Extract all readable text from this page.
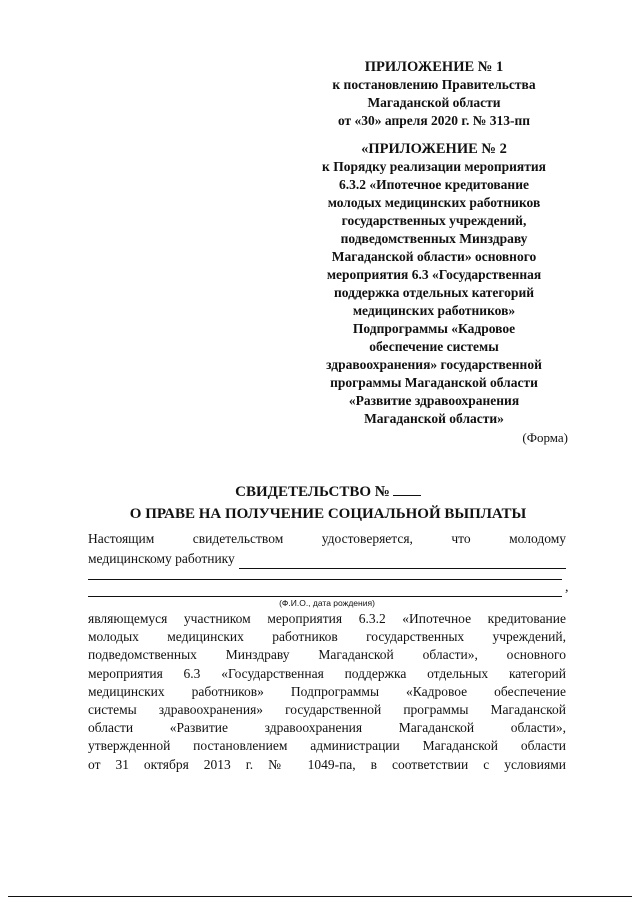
ПРИЛОЖЕНИЕ № 1
к постановлению Правительства
Магаданской области
от «30» апреля 2020 г. № 313-пп
«ПРИЛОЖЕНИЕ № 2
к Порядку реализации мероприятия
6.3.2 «Ипотечное кредитование
молодых медицинских работников
государственных учреждений,
подведомственных Минздраву
Магаданской области» основного
мероприятия 6.3 «Государственная
поддержка отдельных категорий
медицинских работников»
Подпрограммы «Кадровое
обеспечение системы
здравоохранения» государственной
программы Магаданской области
«Развитие здравоохранения
Магаданской области»
(Форма)
СВИДЕТЕЛЬСТВО №
О ПРАВЕ НА ПОЛУЧЕНИЕ СОЦИАЛЬНОЙ ВЫПЛАТЫ
Настоящим свидетельством удостоверяется, что молодому
медицинскому работнику
,
(Ф.И.О., дата рождения)
являющемуся участником мероприятия 6.3.2 «Ипотечное кредитование
молодых медицинских работников государственных учреждений,
подведомственных Минздраву Магаданской области», основного
мероприятия 6.3 «Государственная поддержка отдельных категорий
медицинских работников» Подпрограммы «Кадровое обеспечение
системы здравоохранения» государственной программы Магаданской
области «Развитие здравоохранения Магаданской области»,
утвержденной постановлением администрации Магаданской области
от 31 октября 2013 г. № 1049-па, в соответствии с условиями
